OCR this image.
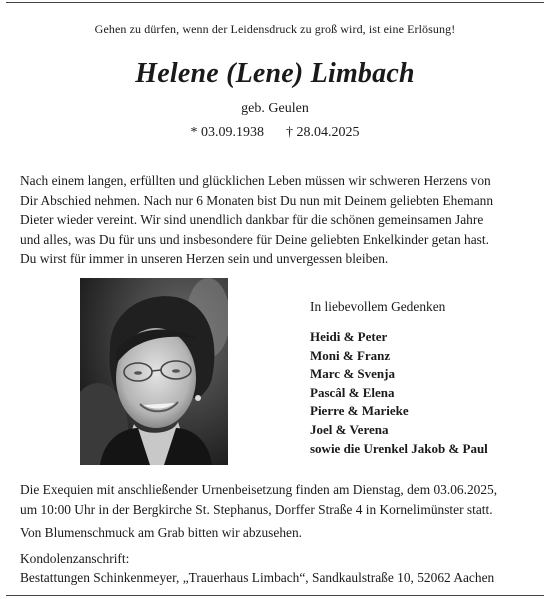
Gehen zu dürfen, wenn der Leidensdruck zu groß wird, ist eine Erlösung!
Helene (Lene) Limbach
geb. Geulen
* 03.09.1938 † 28.04.2025

Nach einem langen, erfüllten und glücklichen Leben müssen wir schweren Herzens von

Dir Abschied nehmen. Nach nur 6 Monaten bist Du nun mit Deinem geliebten Ehemann

Dieter wieder vereint. Wir sind unendlich dankbar für die schönen gemeinsamen Jahre

und alles, was Du für uns und insbesondere für Deine geliebten Enkelkinder getan hast.

Du wirst für immer in unseren Herzen sein und unvergessen bleiben.

In liebevollem Gedenken
Heidi & Peter
Moni & Franz
Marc & Svenja
Pascâl & Elena
Pierre & Marieke
Joel & Verena
sowie die Urenkel Jakob & Paul

Die Exequien mit anschließender Urnenbeisetzung finden am Dienstag, dem 03.06.2025,

um 10:00 Uhr in der Bergkirche St. Stephanus, Dorffer Straße 4 in Kornelimünster statt.

Von Blumenschmuck am Grab bitten wir abzusehen.
Kondolenzanschrift:
Bestattungen Schinkenmeyer, „Trauerhaus Limbach“, Sandkaulstraße 10, 52062 Aachen
